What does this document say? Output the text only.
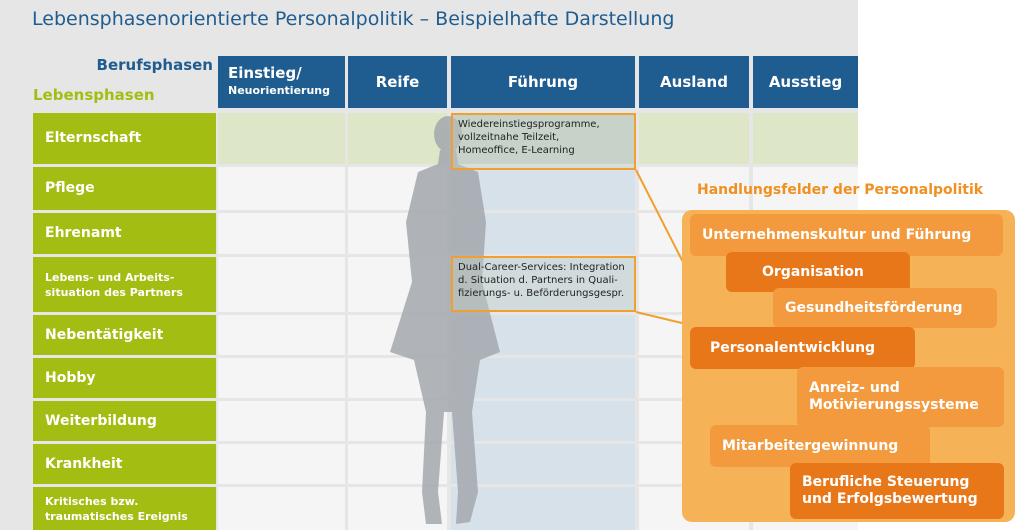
Lebensphasenorientierte Personalpolitik – Beispielhafte Darstellung
Berufsphasen
Lebensphasen
Einstieg/
Neuorientierung	Reife	Führung	Ausland	Ausstieg
Elternschaft
Pflege
Ehrenamt
Lebens- und Arbeits-
situation des Partners
Nebentätigkeit
Hobby
Weiterbildung
Krankheit
Kritisches bzw.
traumatisches Ereignis
Wiedereinstiegsprogramme,
vollzeitnahe Teilzeit,
Homeoffice, E-Learning
Dual-Career-Services: Integration
d. Situation d. Partners in Quali-
fizierungs- u. Beförderungsgespr.
Handlungsfelder der Personalpolitik
Unternehmenskultur und Führung
Organisation
Gesundheitsförderung
Personalentwicklung
Anreiz- und
Motivierungssysteme
Mitarbeitergewinnung
Berufliche Steuerung
und Erfolgsbewertung
